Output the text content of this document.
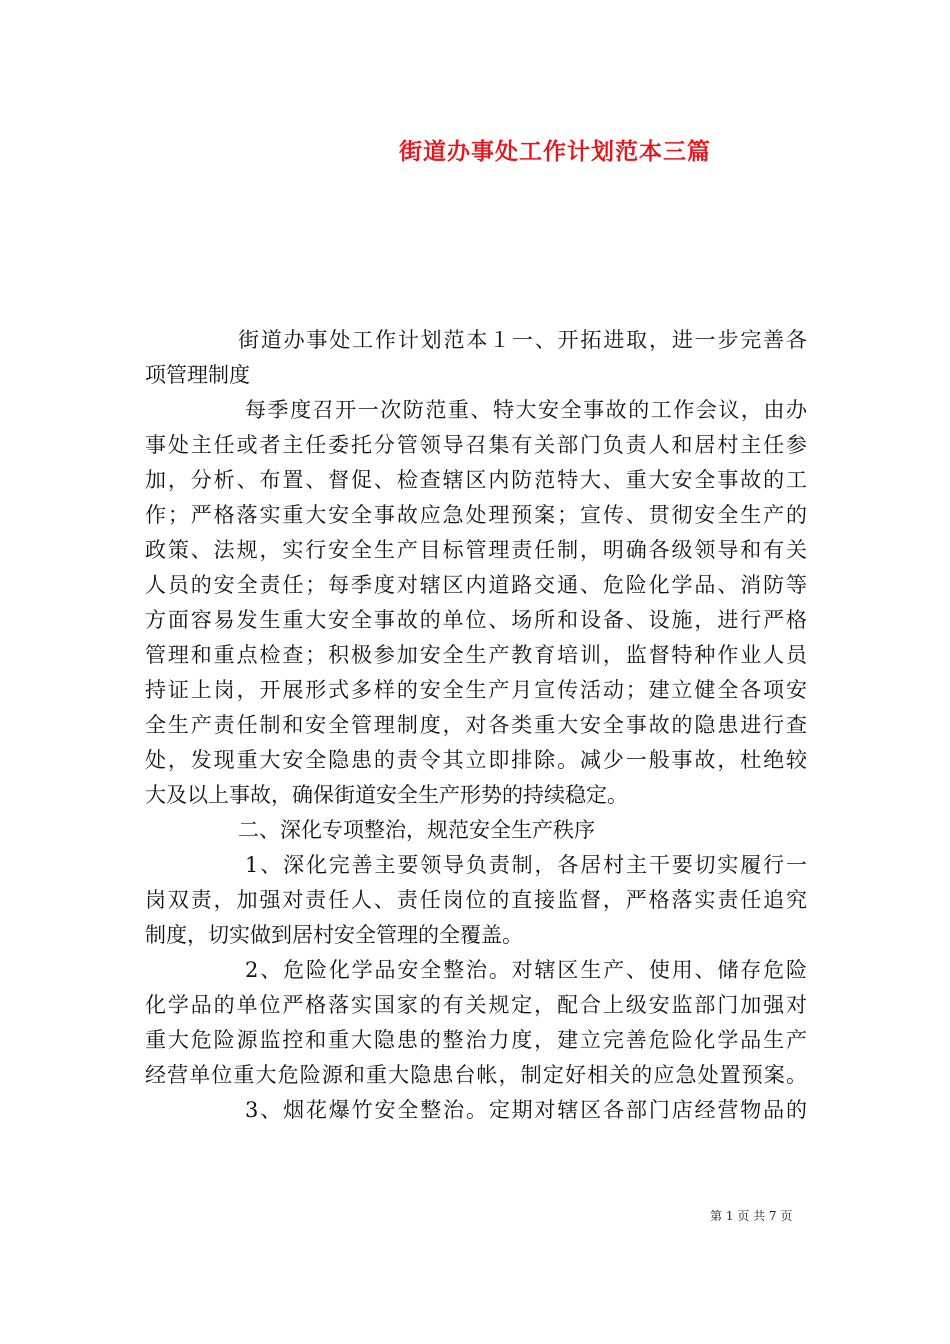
街道办事处工作计划范本三篇
街道办事处工作计划范本１一、开拓进取，进一步完善各
项管理制度
每季度召开一次防范重、特大安全事故的工作会议，由办
事处主任或者主任委托分管领导召集有关部门负责人和居村主任参
加，分析、布置、督促、检查辖区内防范特大、重大安全事故的工
作；严格落实重大安全事故应急处理预案；宣传、贯彻安全生产的
政策、法规，实行安全生产目标管理责任制，明确各级领导和有关
人员的安全责任；每季度对辖区内道路交通、危险化学品、消防等
方面容易发生重大安全事故的单位、场所和设备、设施，进行严格
管理和重点检查；积极参加安全生产教育培训，监督特种作业人员
持证上岗，开展形式多样的安全生产月宣传活动；建立健全各项安
全生产责任制和安全管理制度，对各类重大安全事故的隐患进行查
处，发现重大安全隐患的责令其立即排除。减少一般事故，杜绝较
大及以上事故，确保街道安全生产形势的持续稳定。
二、深化专项整治，规范安全生产秩序
1、深化完善主要领导负责制，各居村主干要切实履行一
岗双责，加强对责任人、责任岗位的直接监督，严格落实责任追究
制度，切实做到居村安全管理的全覆盖。
2、危险化学品安全整治。对辖区生产、使用、储存危险
化学品的单位严格落实国家的有关规定，配合上级安监部门加强对
重大危险源监控和重大隐患的整治力度，建立完善危险化学品生产
经营单位重大危险源和重大隐患台帐，制定好相关的应急处置预案。
3、烟花爆竹安全整治。定期对辖区各部门店经营物品的
第 1 页 共 7 页
